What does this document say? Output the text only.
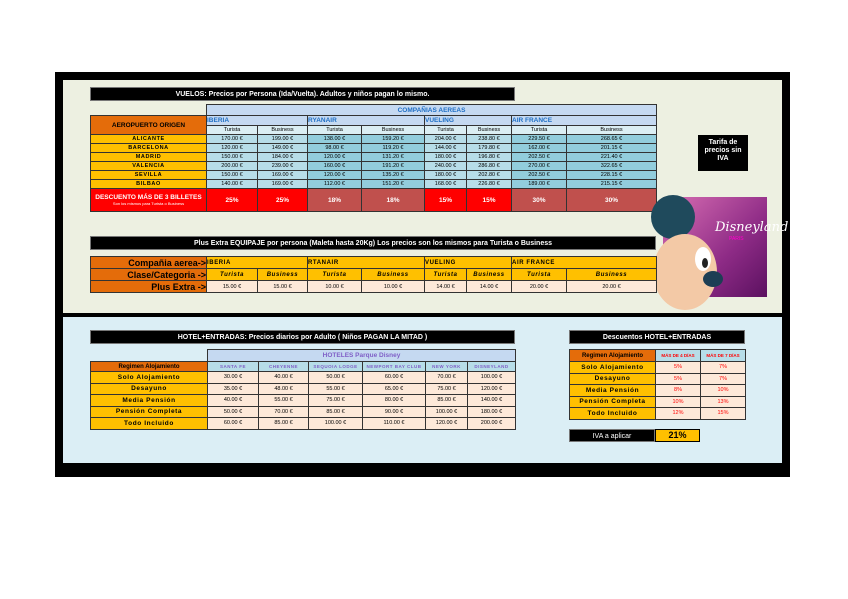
VUELOS: Precios por Persona (Ida/Vuelta). Adultos y niños pagan lo mismo.
	COMPAÑIAS AEREAS							
AEROPUERTO ORIGEN	IBERIA		RYANAIR		VUELING		AIR FRANCE	
	Turista	Business	Turista	Business	Turista	Business	Turista	Business
ALICANTE	170.00 €	199.00 €	138.00 €	159.20 €	204.00 €	238.80 €	229.50 €	268.65 €
BARCELONA	120.00 €	149.00 €	98.00 €	119.20 €	144.00 €	179.80 €	162.00 €	201.15 €
MADRID	150.00 €	184.00 €	120.00 €	131.20 €	180.00 €	196.80 €	202.50 €	221.40 €
VALENCIA	200.00 €	239.00 €	160.00 €	191.20 €	240.00 €	286.80 €	270.00 €	322.65 €
SEVILLA	150.00 €	169.00 €	120.00 €	135.20 €	180.00 €	202.80 €	202.50 €	228.15 €
BILBAO	140.00 €	169.00 €	112.00 €	151.20 €	168.00 €	226.80 €	189.00 €	215.15 €

DESCUENTO MÁS DE 3 BILLETES
Son los mismos para Turista o Business	25%	25%	18%	18%	15%	15%	30%	30%
Tarifa de precios sin IVA
Disneyland
PARIS
Plus Extra EQUIPAJE por persona (Maleta hasta 20Kg) Los precios son los mismos para Turista o Business
Compañia aerea->	IBERIA		RTANAIR		VUELING		AIR FRANCE	
Clase/Categoria ->	Turista	Business	Turista	Business	Turista	Business	Turista	Business
Plus Extra ->	15.00 €	15.00 €	10.00 €	10.00 €	14.00 €	14.00 €	20.00 €	20.00 €
HOTEL+ENTRADAS: Precios diarios por Adulto ( Niños PAGAN LA MITAD )
	HOTELES Parque Disney					
Regimen Alojamiento	SANTA FE	CHEYENNE	SEQUOIA LODGE	NEWPORT BAY CLUB	NEW YORK	DISNEYLAND
Solo Alojamiento	30.00 €	40.00 €	50.00 €	60.00 €	70.00 €	100.00 €
Desayuno	35.00 €	48.00 €	55.00 €	65.00 €	75.00 €	120.00 €
Media Pensión	40.00 €	55.00 €	75.00 €	80.00 €	85.00 €	140.00 €
Pensión Completa	50.00 €	70.00 €	85.00 €	90.00 €	100.00 €	180.00 €
Todo Incluido	60.00 €	85.00 €	100.00 €	110.00 €	120.00 €	200.00 €
Descuentos HOTEL+ENTRADAS
Regimen Alojamiento	MÁS DE 4 DÍAS	MÁS DE 7 DÍAS
Solo Alojamiento	5%	7%
Desayuno	5%	7%
Media Pensión	8%	10%
Pensión Completa	10%	13%
Todo Incluido	12%	15%
IVA a aplicar	21%
